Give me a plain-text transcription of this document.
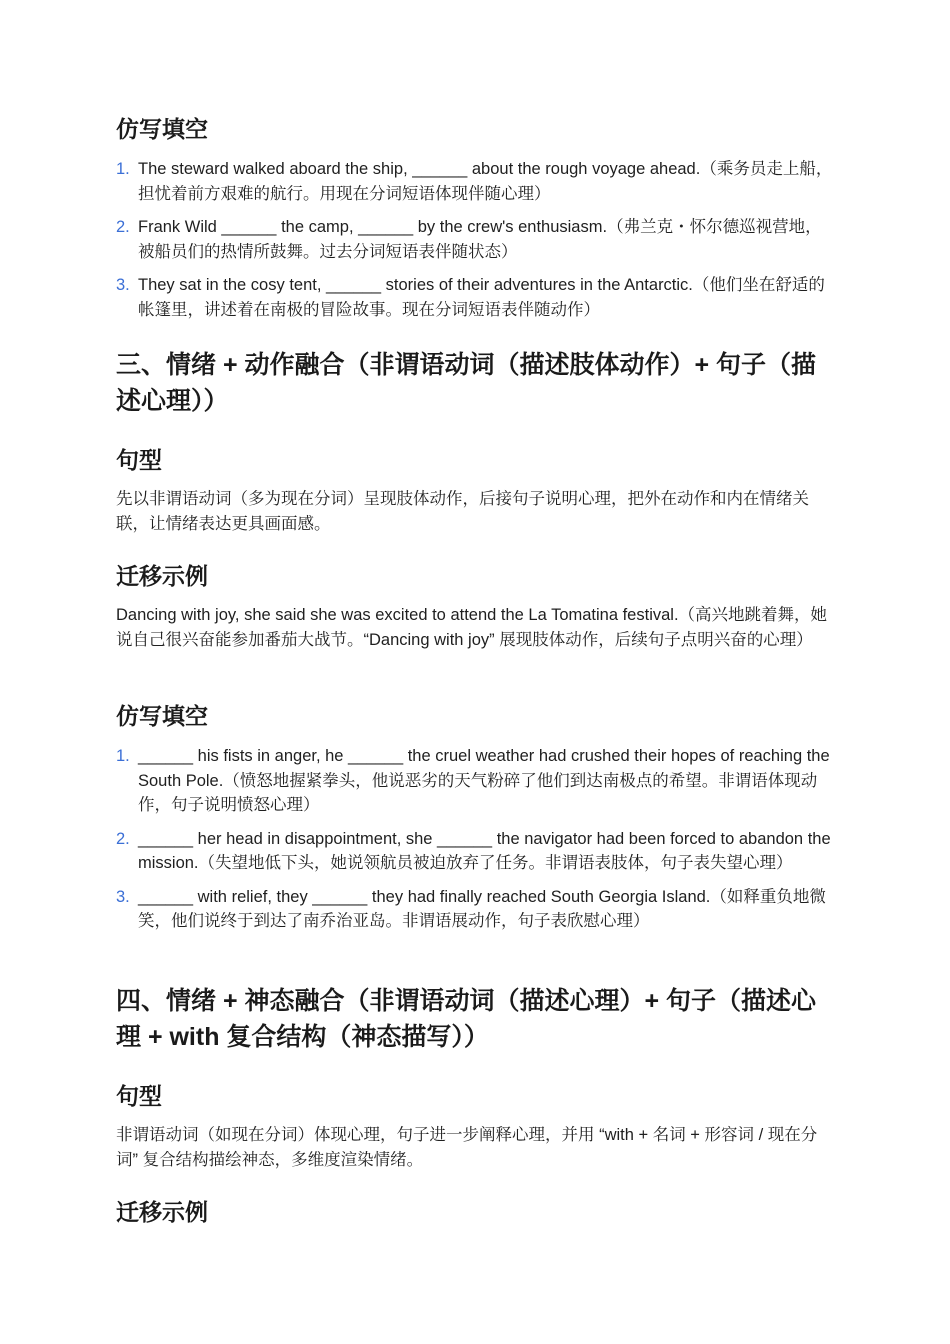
仿写填空
1. The steward walked aboard the ship, ______ about the rough voyage ahead.（乘务员走上船，担忧着前方艰难的航行。用现在分词短语体现伴随心理）
2. Frank Wild ______ the camp, ______ by the crew's enthusiasm.（弗兰克・怀尔德巡视营地，被船员们的热情所鼓舞。过去分词短语表伴随状态）
3. They sat in the cosy tent, ______ stories of their adventures in the Antarctic.（他们坐在舒适的帐篷里，讲述着在南极的冒险故事。现在分词短语表伴随动作）
三、情绪 + 动作融合（非谓语动词（描述肢体动作）+ 句子（描述心理））
句型

先以非谓语动词（多为现在分词）呈现肢体动作，后接句子说明心理，把外在动作和内在情绪关联，让情绪表达更具画面感。

迁移示例

Dancing with joy, she said she was excited to attend the La Tomatina festival.（高兴地跳着舞，她说自己很兴奋能参加番茄大战节。“Dancing with joy” 展现肢体动作，后续句子点明兴奋的心理）

仿写填空
1. ______ his fists in anger, he ______ the cruel weather had crushed their hopes of reaching the South Pole.（愤怒地握紧拳头，他说恶劣的天气粉碎了他们到达南极点的希望。非谓语体现动作，句子说明愤怒心理）
2. ______ her head in disappointment, she ______ the navigator had been forced to abandon the mission.（失望地低下头，她说领航员被迫放弃了任务。非谓语表肢体，句子表失望心理）
3. ______ with relief, they ______ they had finally reached South Georgia Island.（如释重负地微笑，他们说终于到达了南乔治亚岛。非谓语展动作，句子表欣慰心理）
四、情绪 + 神态融合（非谓语动词（描述心理）+ 句子（描述心理 + with 复合结构（神态描写））
句型

非谓语动词（如现在分词）体现心理，句子进一步阐释心理，并用 “with + 名词 + 形容词 / 现在分词” 复合结构描绘神态，多维度渲染情绪。

迁移示例
